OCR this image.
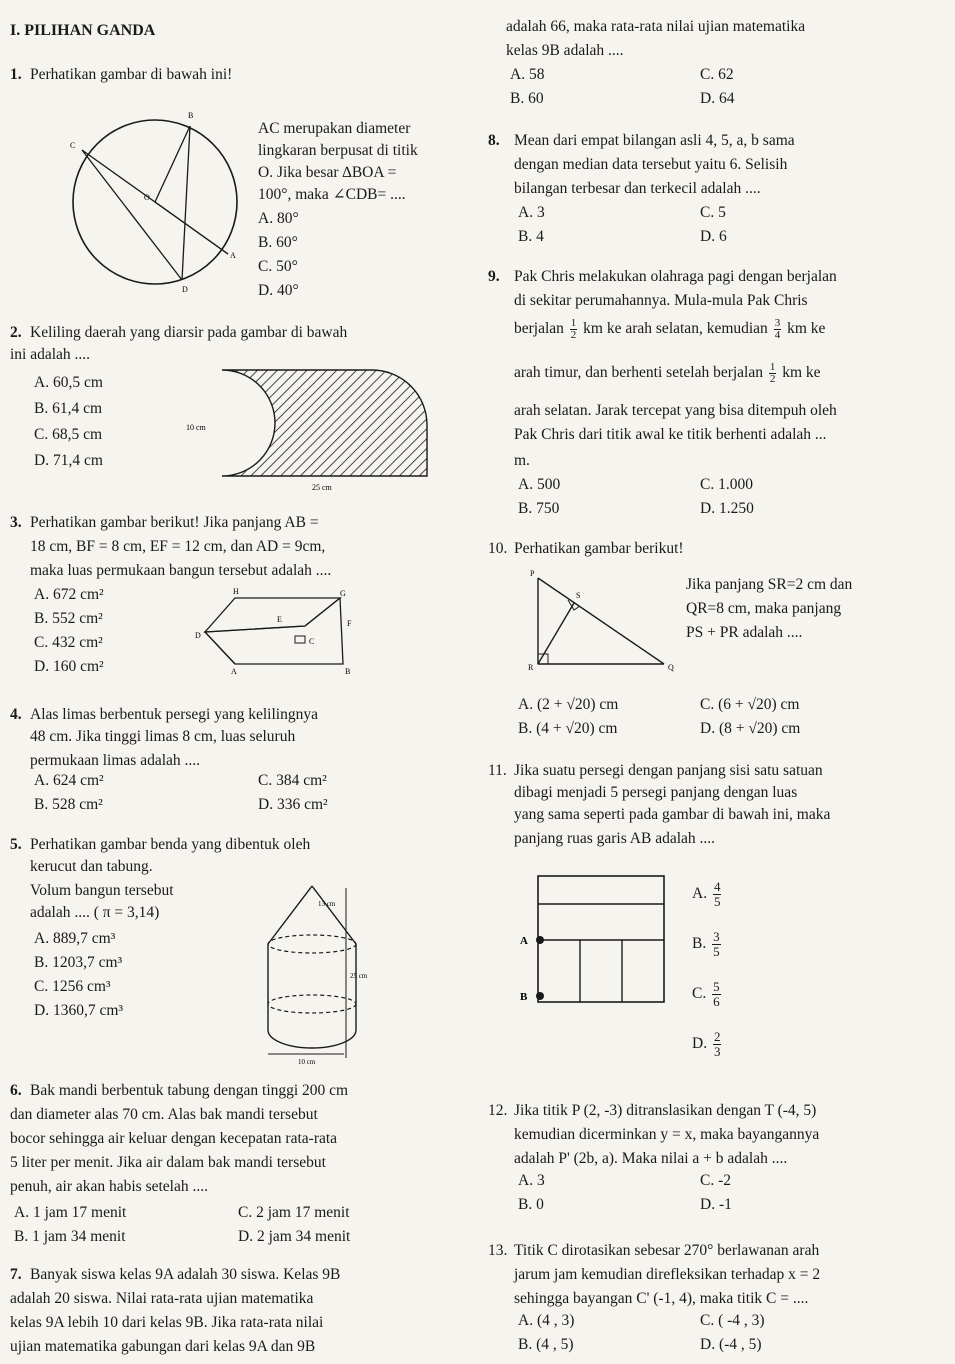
I. PILIHAN GANDA
1. Perhatikan gambar di bawah ini!
B
C
O
A
D
AC merupakan diameter
lingkaran berpusat di titik
O. Jika besar ∆BOA =
100°, maka ∠CDB= ....
A. 80°
B. 60°
C. 50°
D. 40°
2. Keliling daerah yang diarsir pada gambar di bawah
ini adalah ....
A. 60,5 cm
B. 61,4 cm
C. 68,5 cm
D. 71,4 cm
10 cm
25 cm
3. Perhatikan gambar berikut! Jika panjang AB =
18 cm, BF = 8 cm, EF = 12 cm, dan AD = 9cm,
maka luas permukaan bangun tersebut adalah ....
A. 672 cm²
B. 552 cm²
C. 432 cm²
D. 160 cm²
H	G
E	F
D
C
A	B
4. Alas limas berbentuk persegi yang kelilingnya
48 cm. Jika tinggi limas 8 cm, luas seluruh
permukaan limas adalah ....
A. 624 cm²	C. 384 cm²
B. 528 cm²	D. 336 cm²
5. Perhatikan gambar benda yang dibentuk oleh
kerucut dan tabung.
Volum bangun tersebut
adalah .... ( π = 3,14)
A. 889,7 cm³
B. 1203,7 cm³
C. 1256 cm³
D. 1360,7 cm³
13 cm
25 cm
10 cm
6. Bak mandi berbentuk tabung dengan tinggi 200 cm
dan diameter alas 70 cm. Alas bak mandi tersebut
bocor sehingga air keluar dengan kecepatan rata-rata
5 liter per menit. Jika air dalam bak mandi tersebut
penuh, air akan habis setelah ....
A. 1 jam 17 menit	C. 2 jam 17 menit
B. 1 jam 34 menit	D. 2 jam 34 menit
7. Banyak siswa kelas 9A adalah 30 siswa. Kelas 9B
adalah 20 siswa. Nilai rata-rata ujian matematika
kelas 9A lebih 10 dari kelas 9B. Jika rata-rata nilai
ujian matematika gabungan dari kelas 9A dan 9B
adalah 66, maka rata-rata nilai ujian matematika
kelas 9B adalah ....
A. 58	C. 62
B. 60	D. 64
8. Mean dari empat bilangan asli 4, 5, a, b sama
dengan median data tersebut yaitu 6. Selisih
bilangan terbesar dan terkecil adalah ....
A. 3	C. 5
B. 4	D. 6
9. Pak Chris melakukan olahraga pagi dengan berjalan
di sekitar perumahannya. Mula-mula Pak Chris
berjalan $\frac{1}{2}$ km ke arah selatan, kemudian $\frac{3}{4}$ km ke
arah timur, dan berhenti setelah berjalan $\frac{1}{2}$ km ke
arah selatan. Jarak tercepat yang bisa ditempuh oleh
Pak Chris dari titik awal ke titik berhenti adalah ...
m.
A. 500	C. 1.000
B. 750	D. 1.250
10. Perhatikan gambar berikut!
P
S
R	Q
Jika panjang SR=2 cm dan
QR=8 cm, maka panjang
PS + PR adalah ....
A. (2 + √20) cm	C. (6 + √20) cm
B. (4 + √20) cm	D. (8 + √20) cm
11. Jika suatu persegi dengan panjang sisi satu satuan
dibagi menjadi 5 persegi panjang dengan luas
yang sama seperti pada gambar di bawah ini, maka
panjang ruas garis AB adalah ....
A
B
A. $\frac{4}{5}$
B. $\frac{3}{5}$
C. $\frac{5}{6}$
D. $\frac{2}{3}$
12. Jika titik P (2, -3) ditranslasikan dengan T (-4, 5)
kemudian dicerminkan y = x, maka bayangannya
adalah P' (2b, a). Maka nilai a + b adalah ....
A. 3	C. -2
B. 0	D. -1
13. Titik C dirotasikan sebesar 270° berlawanan arah
jarum jam kemudian direfleksikan terhadap x = 2
sehingga bayangan C' (-1, 4), maka titik C = ....
A. (4 , 3)	C. ( -4 , 3)
B. (4 , 5)	D. (-4 , 5)
